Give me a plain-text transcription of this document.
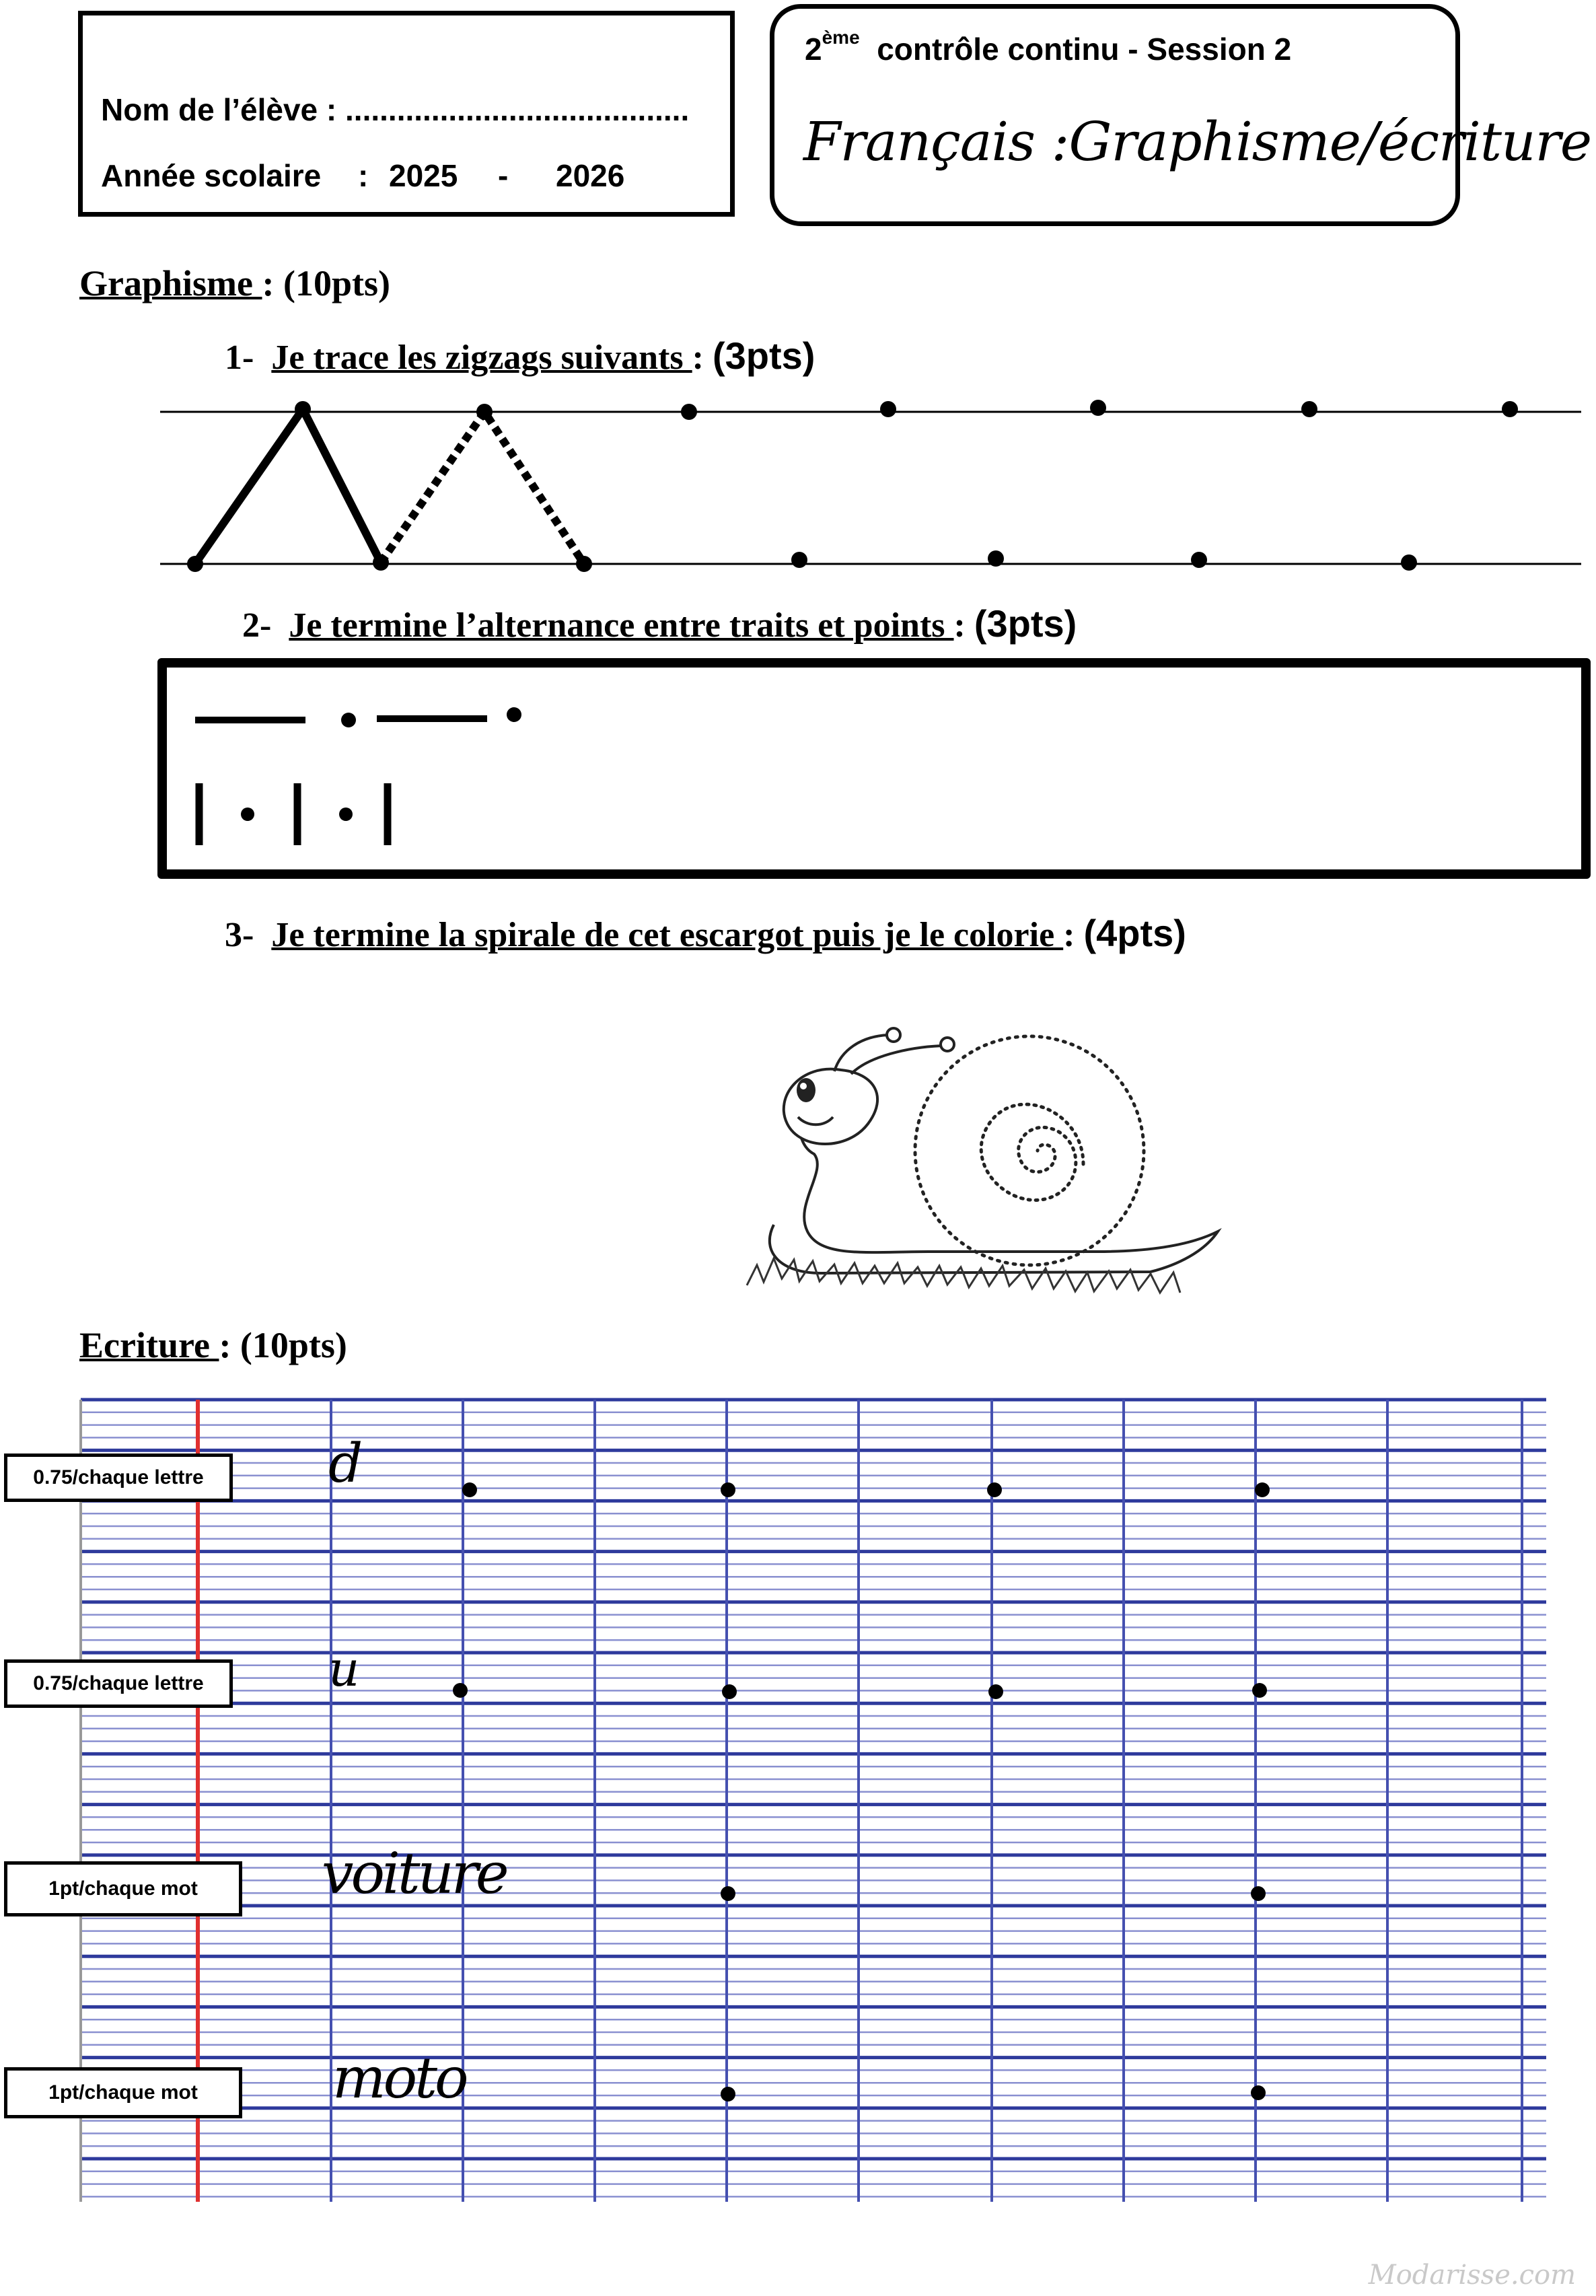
Nom de l’élève : ........................................
Année scolaire : 2025 - 2026
2ème contrôle continu - Session 2
Français :Graphisme/écriture
Graphisme : (10pts)
1- Je trace les zigzags suivants : (3pts)
2- Je termine l’alternance entre traits et points : (3pts)
3- Je termine la spirale de cet escargot puis je le colorie : (4pts)
Ecriture : (10pts)
0.75/chaque lettre
0.75/chaque lettre
1pt/chaque mot
1pt/chaque mot
d
u
voiture
moto
Modarisse.com
